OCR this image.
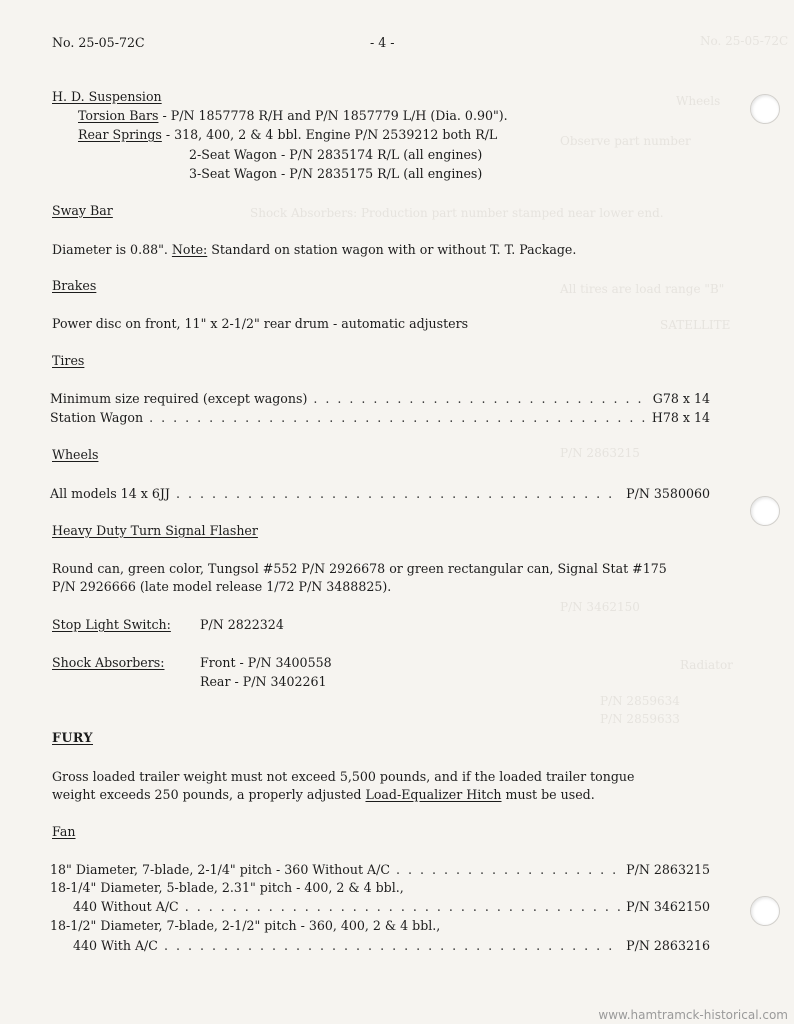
No. 25-05-72C
Wheels
Observe part number
Shock Absorbers: Production part number stamped near lower end.
All tires are load range "B"
SATELLITE
P/N 2863215
P/N 3462150
Radiator
P/N 2859634
P/N 2859633
No. 25-05-72C	- 4 -
H. D. Suspension
Torsion Bars - P/N 1857778 R/H and P/N 1857779 L/H (Dia. 0.90").
Rear Springs - 318, 400, 2 & 4 bbl. Engine P/N 2539212 both R/L
2-Seat Wagon - P/N 2835174 R/L (all engines)
3-Seat Wagon - P/N 2835175 R/L (all engines)
Sway Bar
Diameter is 0.88". Note: Standard on station wagon with or without T. T. Package.
Brakes
Power disc on front, 11" x 2-1/2" rear drum - automatic adjusters
Tires
Minimum size required (except wagons) . . .	G78 x 14
Station Wagon . . .	H78 x 14
Wheels
All models 14 x 6JJ . . .	P/N 3580060
Heavy Duty Turn Signal Flasher
Round can, green color, Tungsol #552 P/N 2926678 or green rectangular can, Signal Stat #175
P/N 2926666 (late model release 1/72 P/N 3488825).
Stop Light Switch: P/N 2822324
Shock Absorbers:	Front - P/N 3400558
Rear - P/N 3402261
FURY
Gross loaded trailer weight must not exceed 5,500 pounds, and if the loaded trailer tongue
weight exceeds 250 pounds, a properly adjusted Load-Equalizer Hitch must be used.
Fan
18" Diameter, 7-blade, 2-1/4" pitch - 360 Without A/C . . .	P/N 2863215
18-1/4" Diameter, 5-blade, 2.31" pitch - 400, 2 & 4 bbl.,
440 Without A/C . . .	P/N 3462150
18-1/2" Diameter, 7-blade, 2-1/2" pitch - 360, 400, 2 & 4 bbl.,
440 With A/C . . .	P/N 2863216
www.hamtramck-historical.com
